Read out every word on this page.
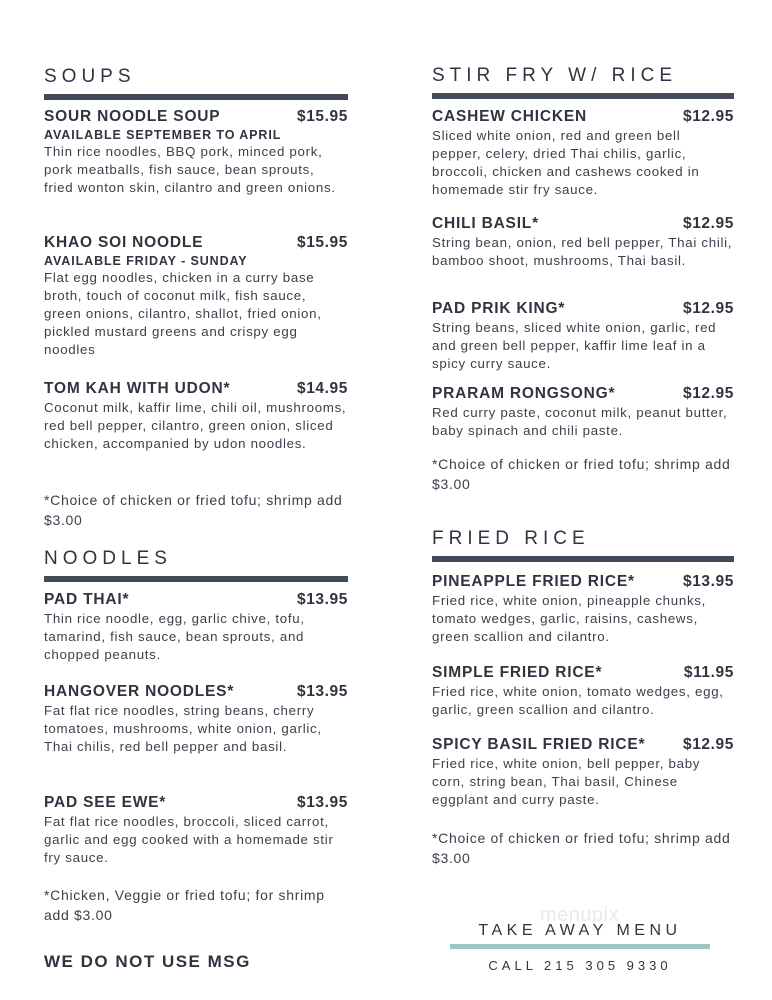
SOUPS
SOUR NOODLE SOUP	$15.95
AVAILABLE SEPTEMBER TO APRIL
Thin rice noodles, BBQ pork, minced pork, pork meatballs, fish sauce, bean sprouts, fried wonton skin, cilantro and green onions.
KHAO SOI NOODLE	$15.95
AVAILABLE FRIDAY - SUNDAY
Flat egg noodles, chicken in a curry base broth, touch of coconut milk, fish sauce, green onions, cilantro, shallot, fried onion, pickled mustard greens and crispy egg noodles
TOM KAH WITH UDON*	$14.95
Coconut milk, kaffir lime, chili oil, mushrooms, red bell pepper, cilantro, green onion, sliced chicken, accompanied by udon noodles.
*Choice of chicken or fried tofu; shrimp add $3.00
NOODLES
PAD THAI*	$13.95
Thin rice noodle, egg, garlic chive, tofu, tamarind, fish sauce, bean sprouts, and chopped peanuts.
HANGOVER NOODLES*	$13.95
Fat flat rice noodles, string beans, cherry tomatoes, mushrooms, white onion, garlic, Thai chilis, red bell pepper and basil.
PAD SEE EWE*	$13.95
Fat flat rice noodles, broccoli, sliced carrot, garlic and egg cooked with a homemade stir fry sauce.
*Chicken, Veggie or fried tofu; for shrimp add $3.00
WE DO NOT USE MSG
STIR FRY W/ RICE
CASHEW CHICKEN	$12.95
Sliced white onion, red and green bell pepper, celery, dried Thai chilis, garlic, broccoli, chicken and cashews cooked in homemade stir fry sauce.
CHILI BASIL*	$12.95
String bean, onion, red bell pepper, Thai chili, bamboo shoot, mushrooms, Thai basil.
PAD PRIK KING*	$12.95
String beans, sliced white onion, garlic, red and green bell pepper, kaffir lime leaf in a spicy curry sauce.
PRARAM RONGSONG*	$12.95
Red curry paste, coconut milk, peanut butter, baby spinach and chili paste.
*Choice of chicken or fried tofu; shrimp add $3.00
FRIED RICE
PINEAPPLE FRIED RICE*	$13.95
Fried rice, white onion, pineapple chunks, tomato wedges, garlic, raisins, cashews, green scallion and cilantro.
SIMPLE FRIED RICE*	$11.95
Fried rice, white onion, tomato wedges, egg, garlic, green scallion and cilantro.
SPICY BASIL FRIED RICE* $12.95
Fried rice, white onion, bell pepper, baby corn, string bean, Thai basil, Chinese eggplant and curry paste.
*Choice of chicken or fried tofu; shrimp add $3.00
menupix
TAKE AWAY MENU
CALL 215 305 9330
